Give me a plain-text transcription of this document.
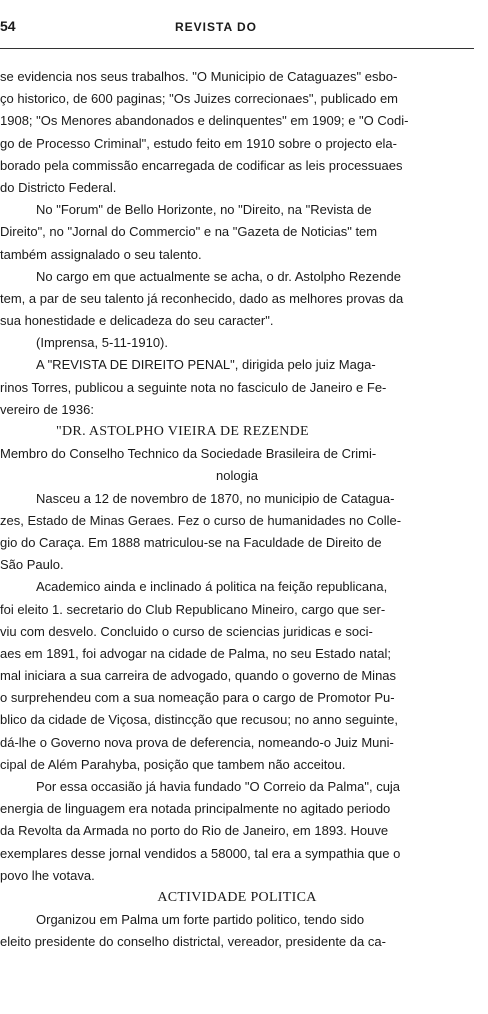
54	REVISTA DO
se evidencia nos seus trabalhos. "O Municipio de Cataguazes" esbo-
ço historico, de 600 paginas; "Os Juizes correcionaes", publicado em
1908; "Os Menores abandonados e delinquentes" em 1909; e "O Codi-
go de Processo Criminal", estudo feito em 1910 sobre o projecto ela-
borado pela commissão encarregada de codificar as leis processuaes
do Districto Federal.
No "Forum" de Bello Horizonte, no "Direito, na "Revista de
Direito", no "Jornal do Commercio" e na "Gazeta de Noticias" tem
também assignalado o seu talento.
No cargo em que actualmente se acha, o dr. Astolpho Rezende
tem, a par de seu talento já reconhecido, dado as melhores provas da
sua honestidade e delicadeza do seu caracter".
(Imprensa, 5-11-1910).
A "REVISTA DE DIREITO PENAL", dirigida pelo juiz Maga-
rinos Torres, publicou a seguinte nota no fasciculo de Janeiro e Fe-
vereiro de 1936:
"DR. ASTOLPHO VIEIRA DE REZENDE
Membro do Conselho Technico da Sociedade Brasileira de Crimi-
nologia
Nasceu a 12 de novembro de 1870, no municipio de Catagua-
zes, Estado de Minas Geraes. Fez o curso de humanidades no Colle-
gio do Caraça. Em 1888 matriculou-se na Faculdade de Direito de
São Paulo.
Academico ainda e inclinado á politica na feição republicana,
foi eleito 1. secretario do Club Republicano Mineiro, cargo que ser-
viu com desvelo. Concluido o curso de sciencias juridicas e soci-
aes em 1891, foi advogar na cidade de Palma, no seu Estado natal;
mal iniciara a sua carreira de advogado, quando o governo de Minas
o surprehendeu com a sua nomeação para o cargo de Promotor Pu-
blico da cidade de Viçosa, distincção que recusou; no anno seguinte,
dá-lhe o Governo nova prova de deferencia, nomeando-o Juiz Muni-
cipal de Além Parahyba, posição que tambem não acceitou.
Por essa occasião já havia fundado "O Correio da Palma", cuja
energia de linguagem era notada principalmente no agitado periodo
da Revolta da Armada no porto do Rio de Janeiro, em 1893. Houve
exemplares desse jornal vendidos a 58000, tal era a sympathia que o
povo lhe votava.
ACTIVIDADE POLITICA
Organizou em Palma um forte partido politico, tendo sido
eleito presidente do conselho districtal, vereador, presidente da ca-
